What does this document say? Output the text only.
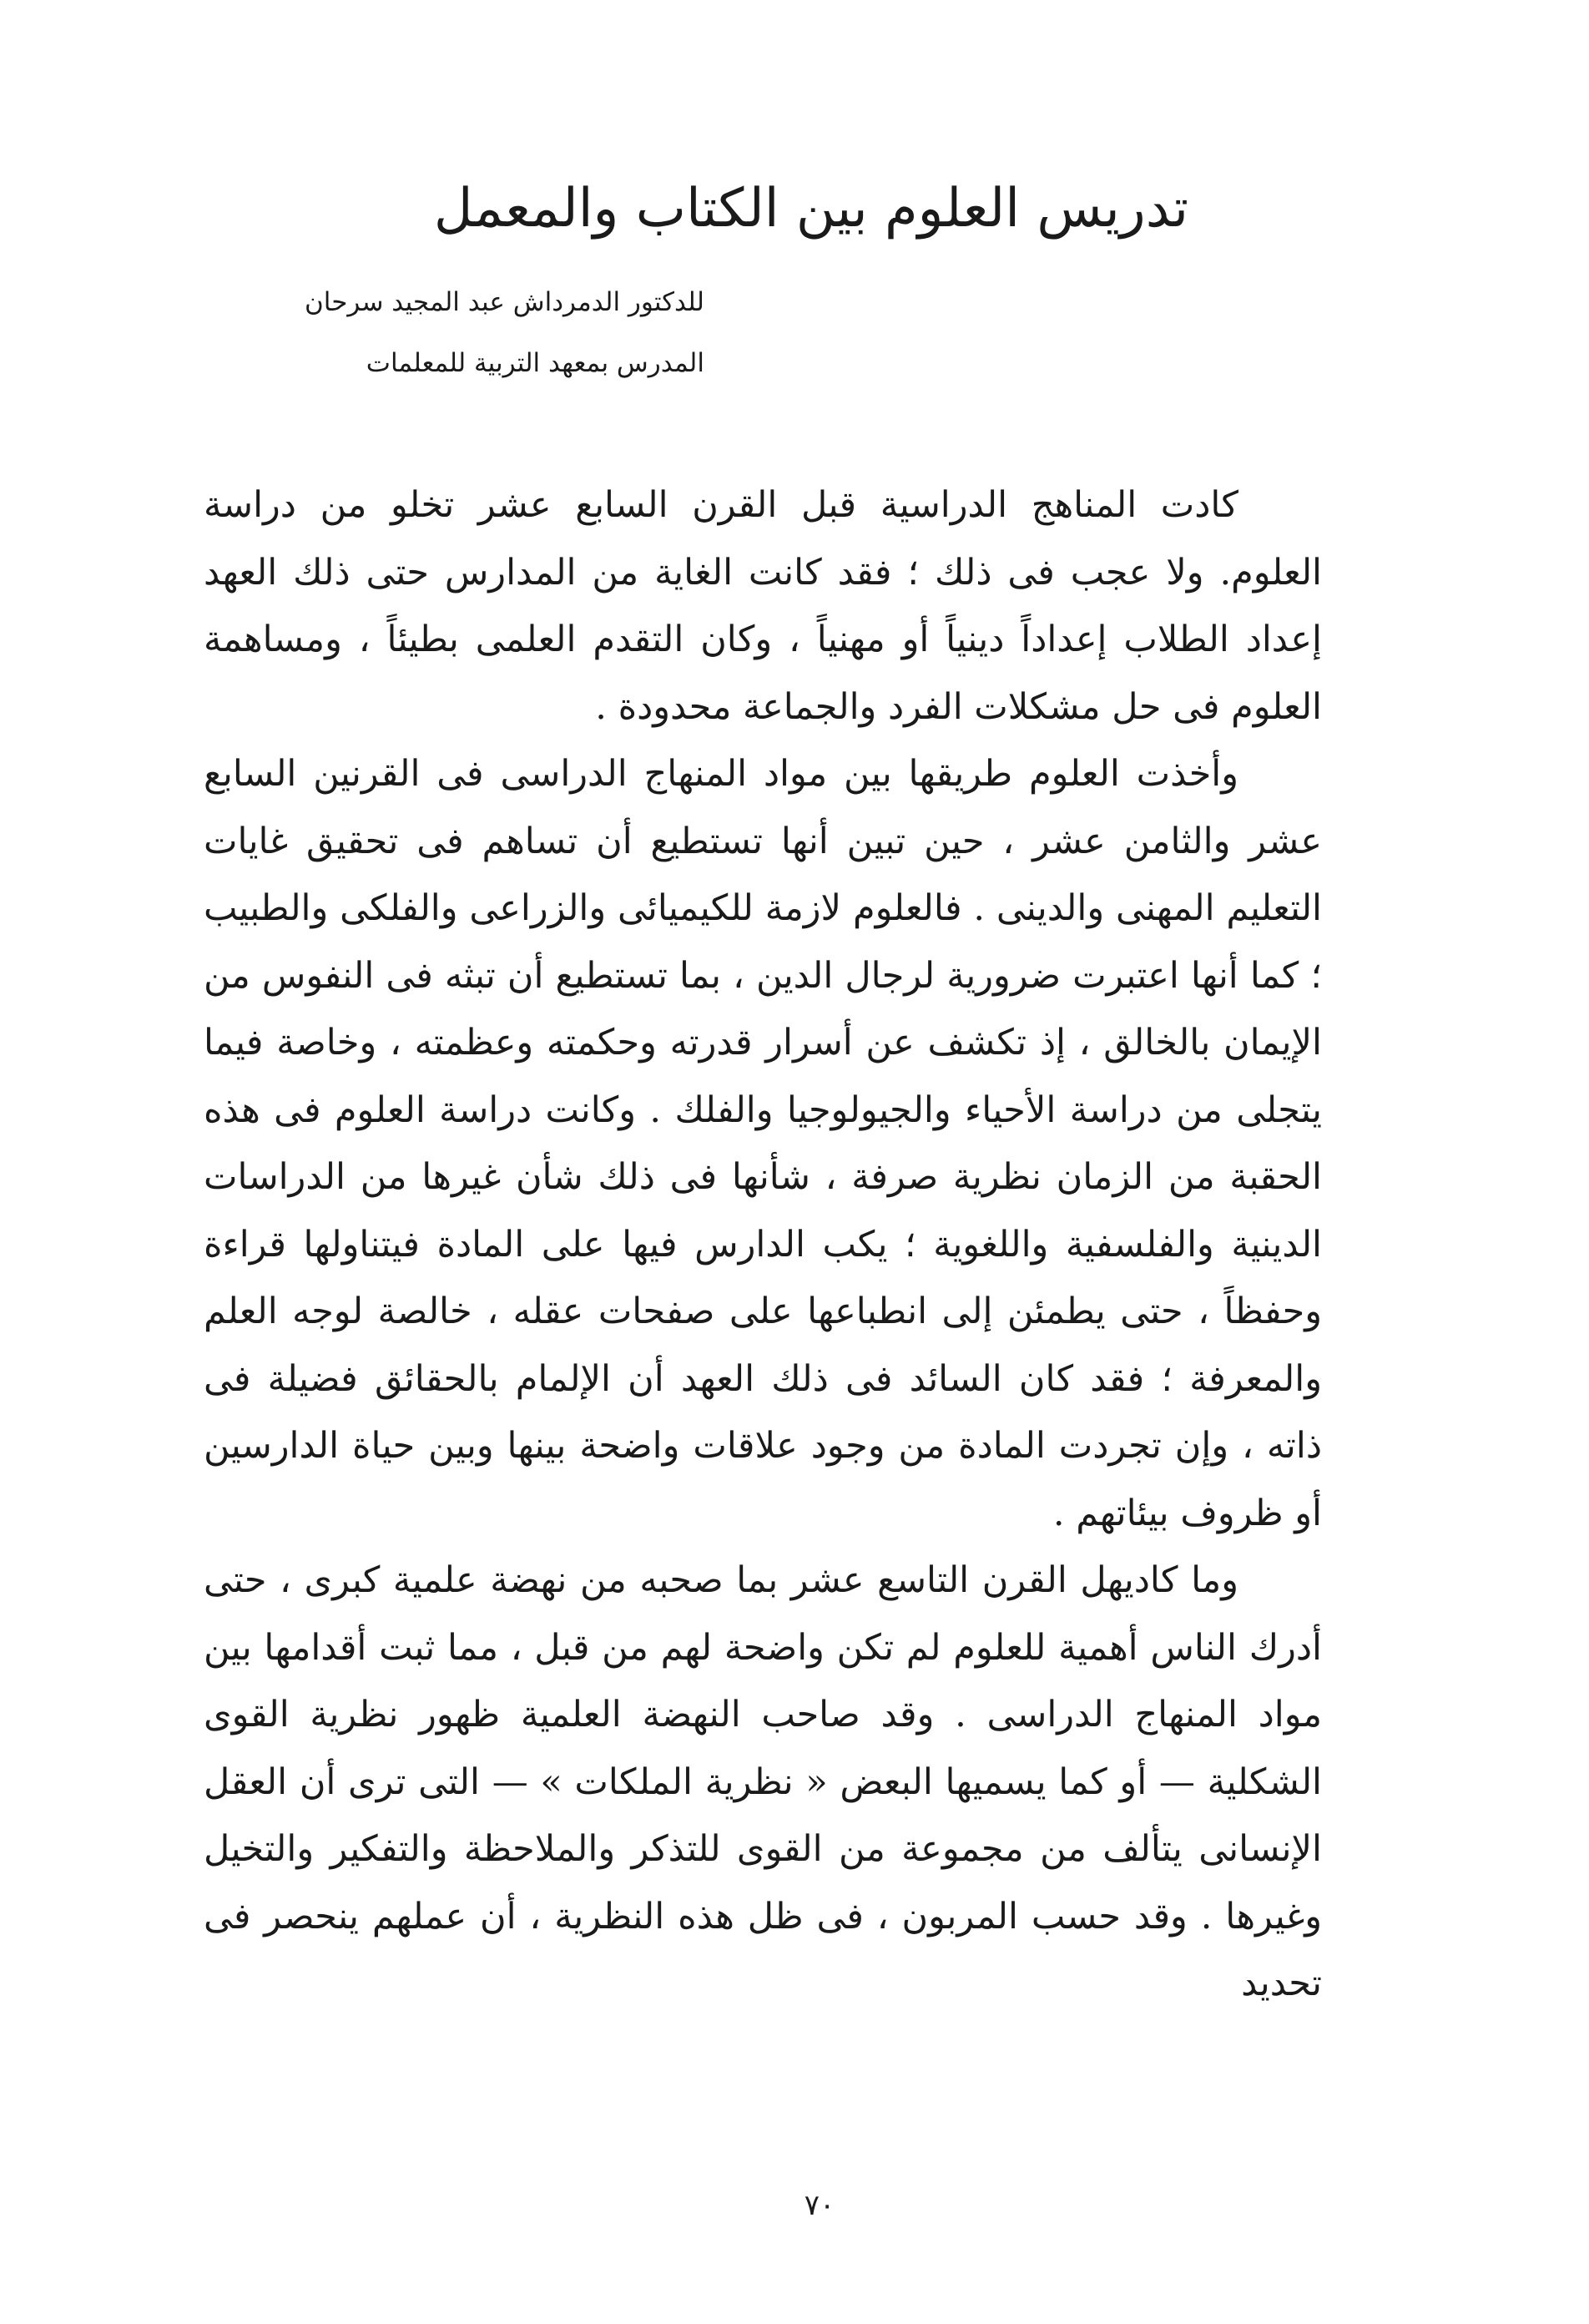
تدريس العلوم بين الكتاب والمعمل
للدكتور الدمرداش عبد المجيد سرحان
المدرس بمعهد التربية للمعلمات

كادت المناهج الدراسية قبل القرن السابع عشر تخلو من دراسة العلوم. ولا عجب فى ذلك ؛ فقد كانت الغاية من المدارس حتى ذلك العهد إعداد الطلاب إعداداً دينياً أو مهنياً ، وكان التقدم العلمى بطيئاً ، ومساهمة العلوم فى حل مشكلات الفرد والجماعة محدودة .

وأخذت العلوم طريقها بين مواد المنهاج الدراسى فى القرنين السابع عشر والثامن عشر ، حين تبين أنها تستطيع أن تساهم فى تحقيق غايات التعليم المهنى والدينى . فالعلوم لازمة للكيميائى والزراعى والفلكى والطبيب ؛ كما أنها اعتبرت ضرورية لرجال الدين ، بما تستطيع أن تبثه فى النفوس من الإيمان بالخالق ، إذ تكشف عن أسرار قدرته وحكمته وعظمته ، وخاصة فيما يتجلى من دراسة الأحياء والجيولوجيا والفلك . وكانت دراسة العلوم فى هذه الحقبة من الزمان نظرية صرفة ، شأنها فى ذلك شأن غيرها من الدراسات الدينية والفلسفية واللغوية ؛ يكب الدارس فيها على المادة فيتناولها قراءة وحفظاً ، حتى يطمئن إلى انطباعها على صفحات عقله ، خالصة لوجه العلم والمعرفة ؛ فقد كان السائد فى ذلك العهد أن الإلمام بالحقائق فضيلة فى ذاته ، وإن تجردت المادة من وجود علاقات واضحة بينها وبين حياة الدارسين أو ظروف بيئاتهم .

وما كاديهل القرن التاسع عشر بما صحبه من نهضة علمية كبرى ، حتى أدرك الناس أهمية للعلوم لم تكن واضحة لهم من قبل ، مما ثبت أقدامها بين مواد المنهاج الدراسى . وقد صاحب النهضة العلمية ظهور نظرية القوى الشكلية — أو كما يسميها البعض « نظرية الملكات » — التى ترى أن العقل الإنسانى يتألف من مجموعة من القوى للتذكر والملاحظة والتفكير والتخيل وغيرها . وقد حسب المربون ، فى ظل هذه النظرية ، أن عملهم ينحصر فى تحديد

٧٠
